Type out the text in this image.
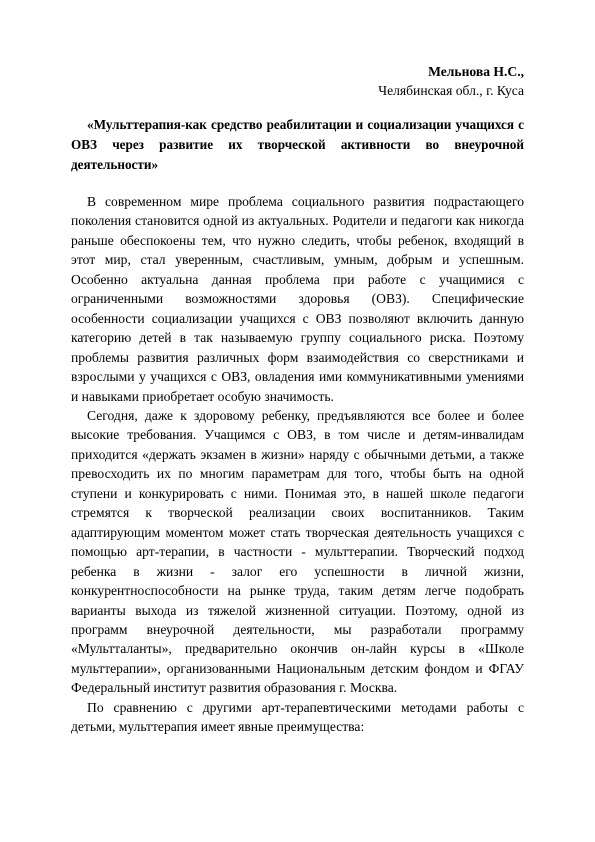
Мельнова Н.С.,
Челябинская обл., г. Куса
«Мульттерапия-как средство реабилитации и социализации учащихся с ОВЗ через развитие их творческой активности во внеурочной деятельности»

В современном мире проблема социального развития подрастающего поколения становится одной из актуальных. Родители и педагоги как никогда раньше обеспокоены тем, что нужно следить, чтобы ребенок, входящий в этот мир, стал уверенным, счастливым, умным, добрым и успешным. Особенно актуальна данная проблема при работе с учащимися с ограниченными возможностями здоровья (ОВЗ). Специфические особенности социализации учащихся с ОВЗ позволяют включить данную категорию детей в так называемую группу социального риска. Поэтому проблемы развития различных форм взаимодействия со сверстниками и взрослыми у учащихся с ОВЗ, овладения ими коммуникативными умениями и навыками приобретает особую значимость.

Сегодня, даже к здоровому ребенку, предъявляются все более и более высокие требования. Учащимся с ОВЗ, в том числе и детям-инвалидам приходится «держать экзамен в жизни» наряду с обычными детьми, а также превосходить их по многим параметрам для того, чтобы быть на одной ступени и конкурировать с ними. Понимая это, в нашей школе педагоги стремятся к творческой реализации своих воспитанников. Таким адаптирующим моментом может стать творческая деятельность учащихся с помощью арт-терапии, в частности - мульттерапии. Творческий подход ребенка в жизни - залог его успешности в личной жизни, конкурентноспособности на рынке труда, таким детям легче подобрать варианты выхода из тяжелой жизненной ситуации. Поэтому, одной из программ внеурочной деятельности, мы разработали программу «Мультталанты», предварительно окончив он-лайн курсы в «Школе мульттерапии», организованными Национальным детским фондом и ФГАУ Федеральный институт развития образования г. Москва.

По сравнению с другими арт-терапевтическими методами работы с детьми, мульттерапия имеет явные преимущества:
